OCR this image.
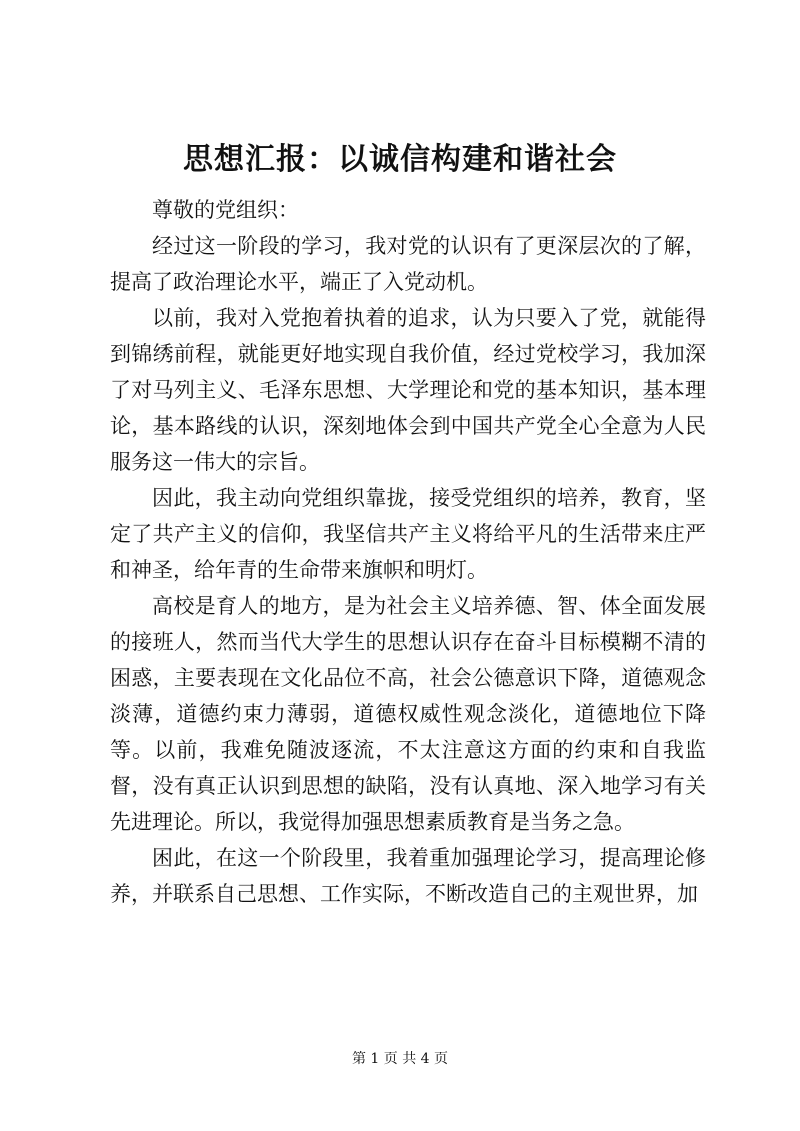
思想汇报：以诚信构建和谐社会

尊敬的党组织：

经过这一阶段的学习，我对党的认识有了更深层次的了解，提高了政治理论水平，端正了入党动机。

以前，我对入党抱着执着的追求，认为只要入了党，就能得到锦绣前程，就能更好地实现自我价值，经过党校学习，我加深了对马列主义、毛泽东思想、大学理论和党的基本知识，基本理论，基本路线的认识，深刻地体会到中国共产党全心全意为人民服务这一伟大的宗旨。

因此，我主动向党组织靠拢，接受党组织的培养，教育，坚定了共产主义的信仰，我坚信共产主义将给平凡的生活带来庄严和神圣，给年青的生命带来旗帜和明灯。

高校是育人的地方，是为社会主义培养德、智、体全面发展的接班人，然而当代大学生的思想认识存在奋斗目标模糊不清的困惑，主要表现在文化品位不高，社会公德意识下降，道德观念淡薄，道德约束力薄弱，道德权威性观念淡化，道德地位下降等。以前，我难免随波逐流，不太注意这方面的约束和自我监督，没有真正认识到思想的缺陷，没有认真地、深入地学习有关先进理论。所以，我觉得加强思想素质教育是当务之急。

困此，在这一个阶段里，我着重加强理论学习，提高理论修养，并联系自己思想、工作实际，不断改造自己的主观世界，加

第 1 页 共 4 页
